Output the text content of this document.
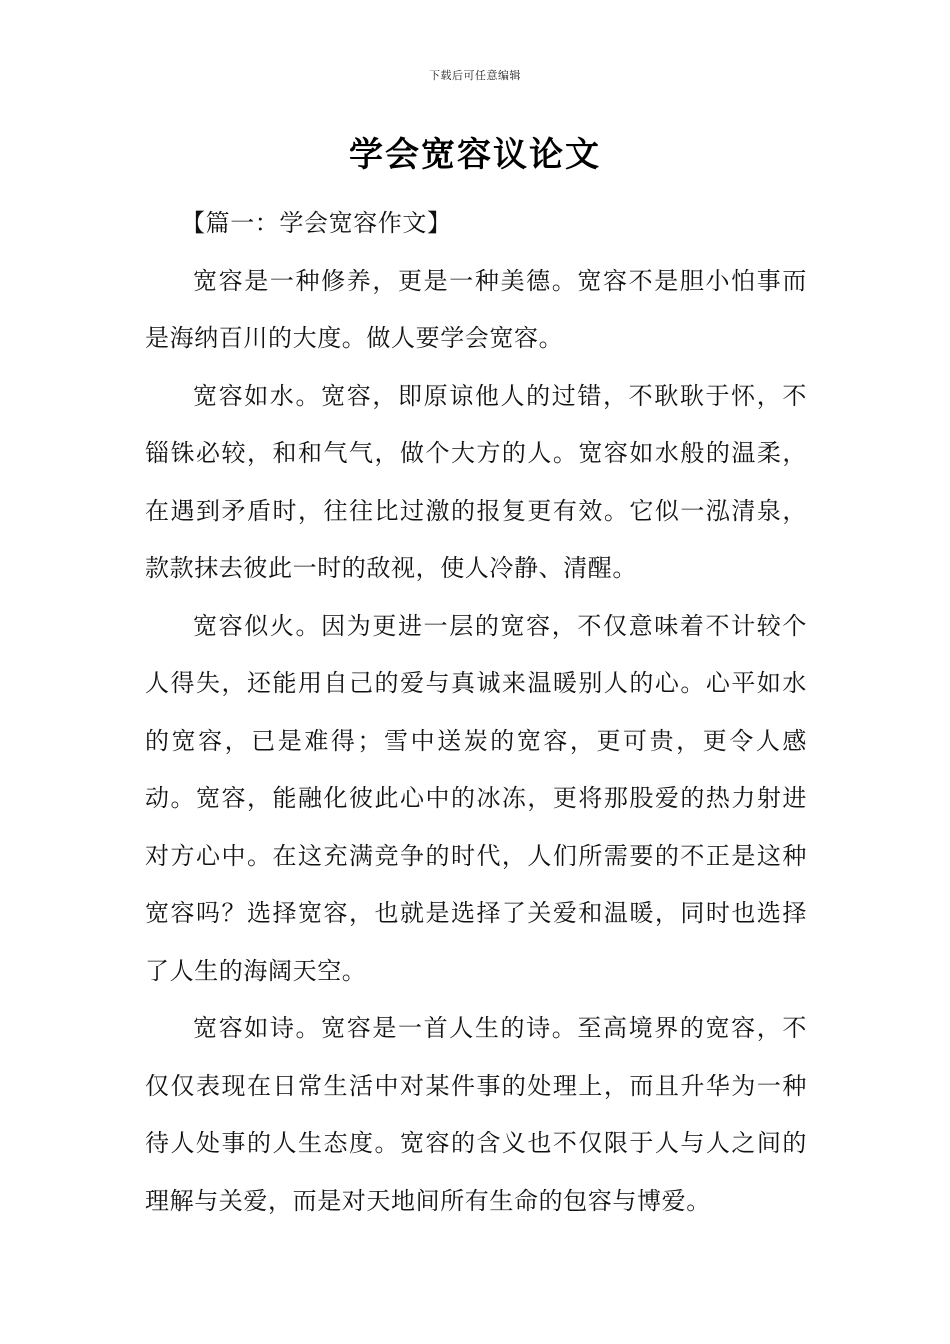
下载后可任意编辑
学会宽容议论文

【篇一：学会宽容作文】

宽容是一种修养，更是一种美德。宽容不是胆小怕事而是海纳百川的大度。做人要学会宽容。

宽容如水。宽容，即原谅他人的过错，不耿耿于怀，不锱铢必较，和和气气，做个大方的人。宽容如水般的温柔，在遇到矛盾时，往往比过激的报复更有效。它似一泓清泉，款款抹去彼此一时的敌视，使人冷静、清醒。

宽容似火。因为更进一层的宽容，不仅意味着不计较个人得失，还能用自己的爱与真诚来温暖别人的心。心平如水的宽容，已是难得；雪中送炭的宽容，更可贵，更令人感动。宽容，能融化彼此心中的冰冻，更将那股爱的热力射进对方心中。在这充满竞争的时代，人们所需要的不正是这种宽容吗？选择宽容，也就是选择了关爱和温暖，同时也选择了人生的海阔天空。

宽容如诗。宽容是一首人生的诗。至高境界的宽容，不仅仅表现在日常生活中对某件事的处理上，而且升华为一种待人处事的人生态度。宽容的含义也不仅限于人与人之间的理解与关爱，而是对天地间所有生命的包容与博爱。
